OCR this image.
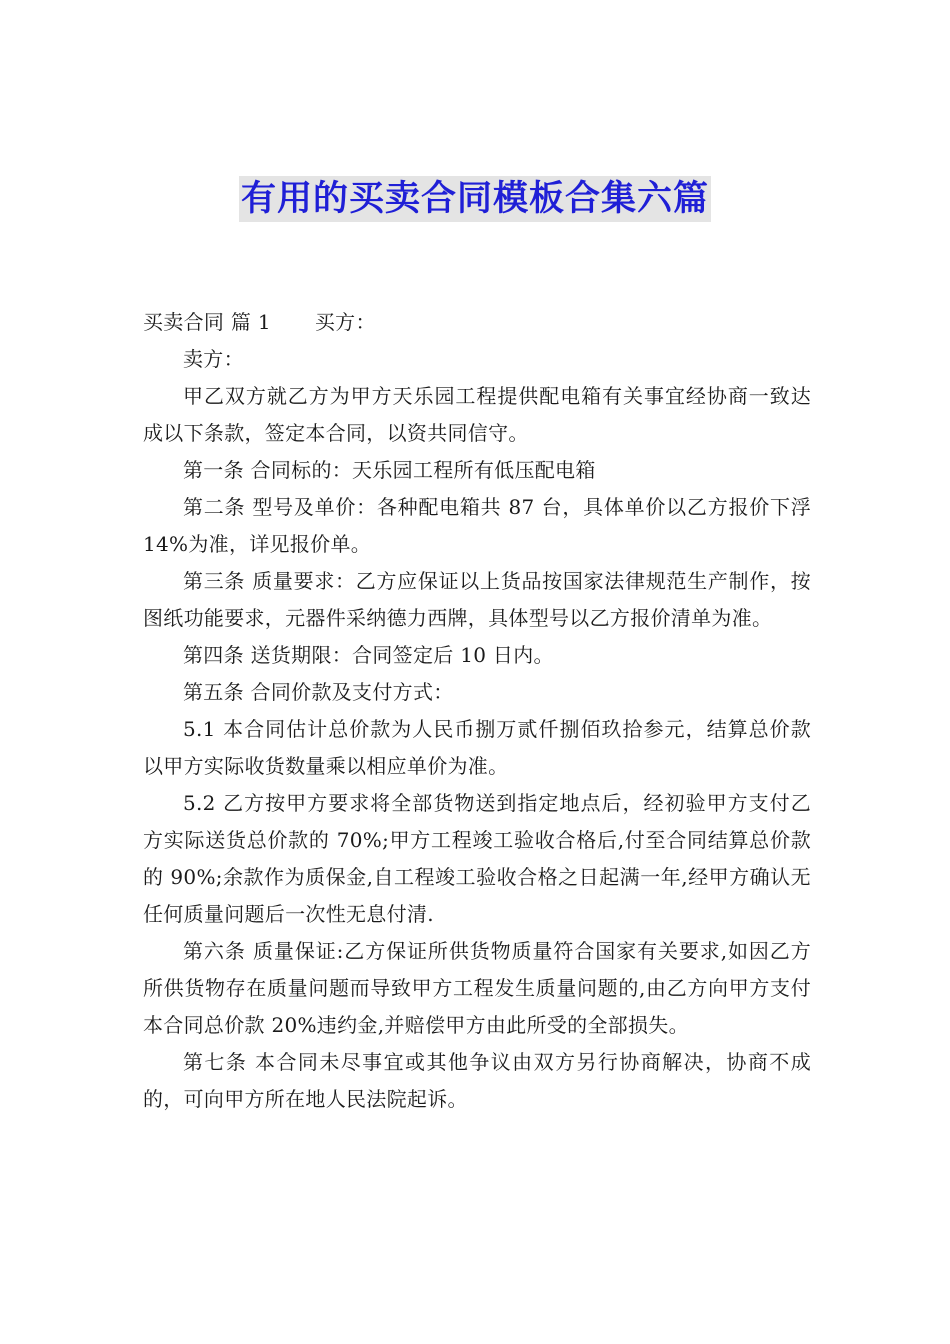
有用的买卖合同模板合集六篇

买卖合同 篇 1 买方：

卖方：

甲乙双方就乙方为甲方天乐园工程提供配电箱有关事宜经协商一致达成以下条款，签定本合同，以资共同信守。

第一条 合同标的：天乐园工程所有低压配电箱

第二条 型号及单价：各种配电箱共 87 台，具体单价以乙方报价下浮 14%为准，详见报价单。

第三条 质量要求：乙方应保证以上货品按国家法律规范生产制作，按图纸功能要求，元器件采纳德力西牌，具体型号以乙方报价清单为准。

第四条 送货期限：合同签定后 10 日内。

第五条 合同价款及支付方式：

5.1 本合同估计总价款为人民币捌万贰仟捌佰玖拾参元，结算总价款以甲方实际收货数量乘以相应单价为准。

5.2 乙方按甲方要求将全部货物送到指定地点后，经初验甲方支付乙方实际送货总价款的 70%;甲方工程竣工验收合格后,付至合同结算总价款的 90%;余款作为质保金,自工程竣工验收合格之日起满一年,经甲方确认无任何质量问题后一次性无息付清.

第六条 质量保证:乙方保证所供货物质量符合国家有关要求,如因乙方所供货物存在质量问题而导致甲方工程发生质量问题的,由乙方向甲方支付本合同总价款 20%违约金,并赔偿甲方由此所受的全部损失。

第七条 本合同未尽事宜或其他争议由双方另行协商解决，协商不成的，可向甲方所在地人民法院起诉。
